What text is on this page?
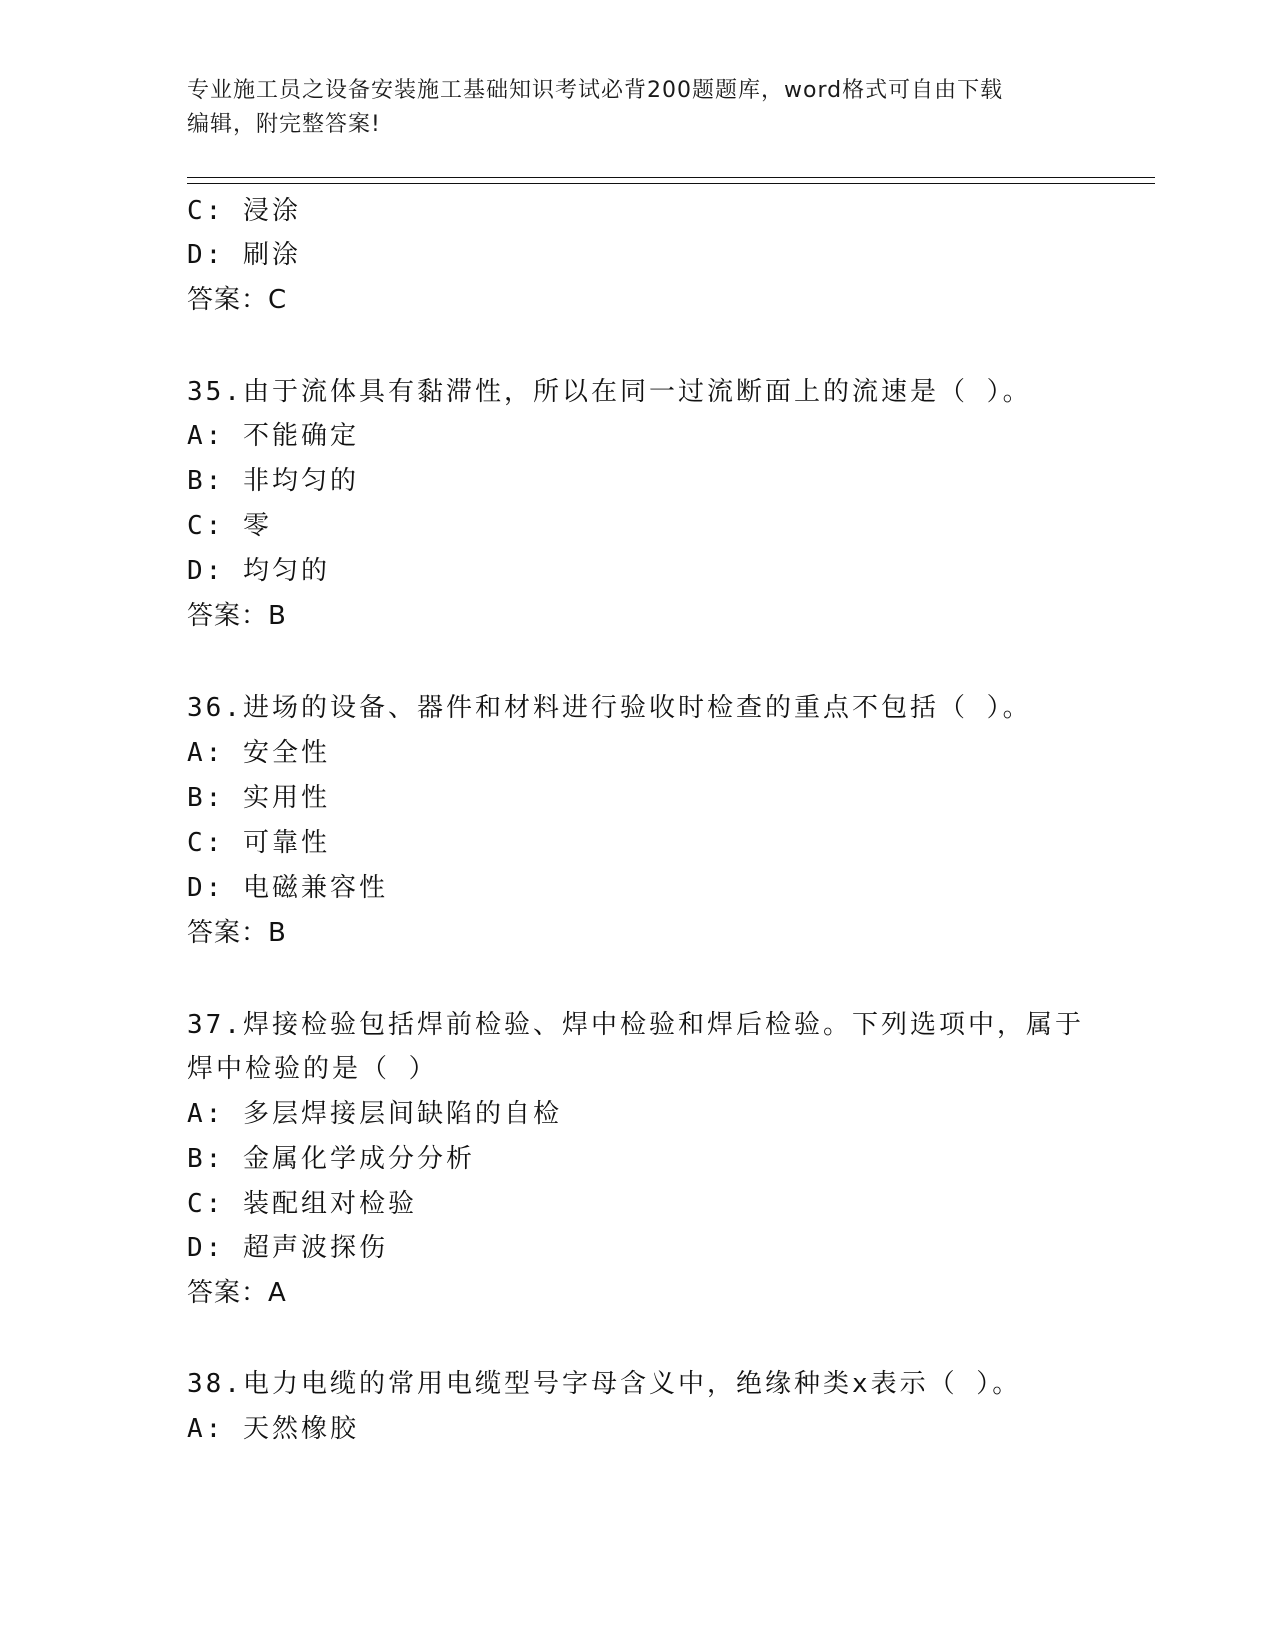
专业施工员之设备安装施工基础知识考试必背200题题库，word格式可自由下载
编辑，附完整答案!
C: 浸涂
D: 刷涂
答案：C
35.由于流体具有黏滞性，所以在同一过流断面上的流速是（ ）。
A: 不能确定
B: 非均匀的
C: 零
D: 均匀的
答案：B
36.进场的设备、器件和材料进行验收时检查的重点不包括（ ）。
A: 安全性
B: 实用性
C: 可靠性
D: 电磁兼容性
答案：B
37.焊接检验包括焊前检验、焊中检验和焊后检验。下列选项中，属于
焊中检验的是（ ）
A: 多层焊接层间缺陷的自检
B: 金属化学成分分析
C: 装配组对检验
D: 超声波探伤
答案：A
38.电力电缆的常用电缆型号字母含义中，绝缘种类x表示（ ）。
A: 天然橡胶
